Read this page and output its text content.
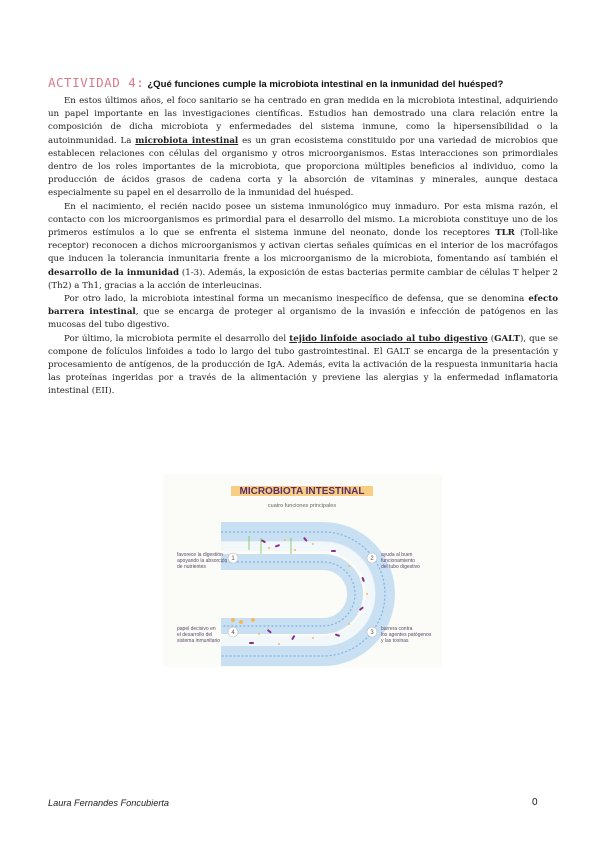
ACTIVIDAD 4: ¿Qué funciones cumple la microbiota intestinal en la inmunidad del huésped?

En estos últimos años, el foco sanitario se ha centrado en gran medida en la microbiota intestinal, adquiriendo un papel importante en las investigaciones científicas. Estudios han demostrado una clara relación entre la composición de dicha microbiota y enfermedades del sistema inmune, como la hipersensibilidad o la autoinmunidad. La microbiota intestinal es un gran ecosistema constituido por una variedad de microbios que establecen relaciones con células del organismo y otros microorganismos. Estas interacciones son primordiales dentro de los roles importantes de la microbiota, que proporciona múltiples beneficios al individuo, como la producción de ácidos grasos de cadena corta y la absorción de vitaminas y minerales, aunque destaca especialmente su papel en el desarrollo de la inmunidad del huésped.

En el nacimiento, el recién nacido posee un sistema inmunológico muy inmaduro. Por esta misma razón, el contacto con los microorganismos es primordial para el desarrollo del mismo. La microbiota constituye uno de los primeros estímulos a lo que se enfrenta el sistema inmune del neonato, donde los receptores TLR (Toll-like receptor) reconocen a dichos microorganismos y activan ciertas señales químicas en el interior de los macrófagos que inducen la tolerancia inmunitaria frente a los microorganismo de la microbiota, fomentando así también el desarrollo de la inmunidad (1-3). Además, la exposición de estas bacterias permite cambiar de células T helper 2 (Th2) a Th1, gracias a la acción de interleucinas.

Por otro lado, la microbiota intestinal forma un mecanismo inespecífico de defensa, que se denomina efecto barrera intestinal, que se encarga de proteger al organismo de la invasión e infección de patógenos en las mucosas del tubo digestivo.

Por último, la microbiota permite el desarrollo del tejido linfoide asociado al tubo digestivo (GALT), que se compone de folículos linfoides a todo lo largo del tubo gastrointestinal. El GALT se encarga de la presentación y procesamiento de antígenos, de la producción de IgA. Además, evita la activación de la respuesta inmunitaria hacia las proteínas ingeridas por a través de la alimentación y previene las alergias y la enfermedad inflamatoria intestinal (EII).

MICROBIOTA INTESTINAL
cuatro funciones principales
1	2
3
4
favorece la digestión
apoyando la absorción
de nutrientes
ayuda al buen
funcionamiento
del tubo digestivo
barrera contra
los agentes patógenos
y las toxinas
papel decisivo en
el desarrollo del
sistema inmunitario
Laura Fernandes Foncubierta	0
